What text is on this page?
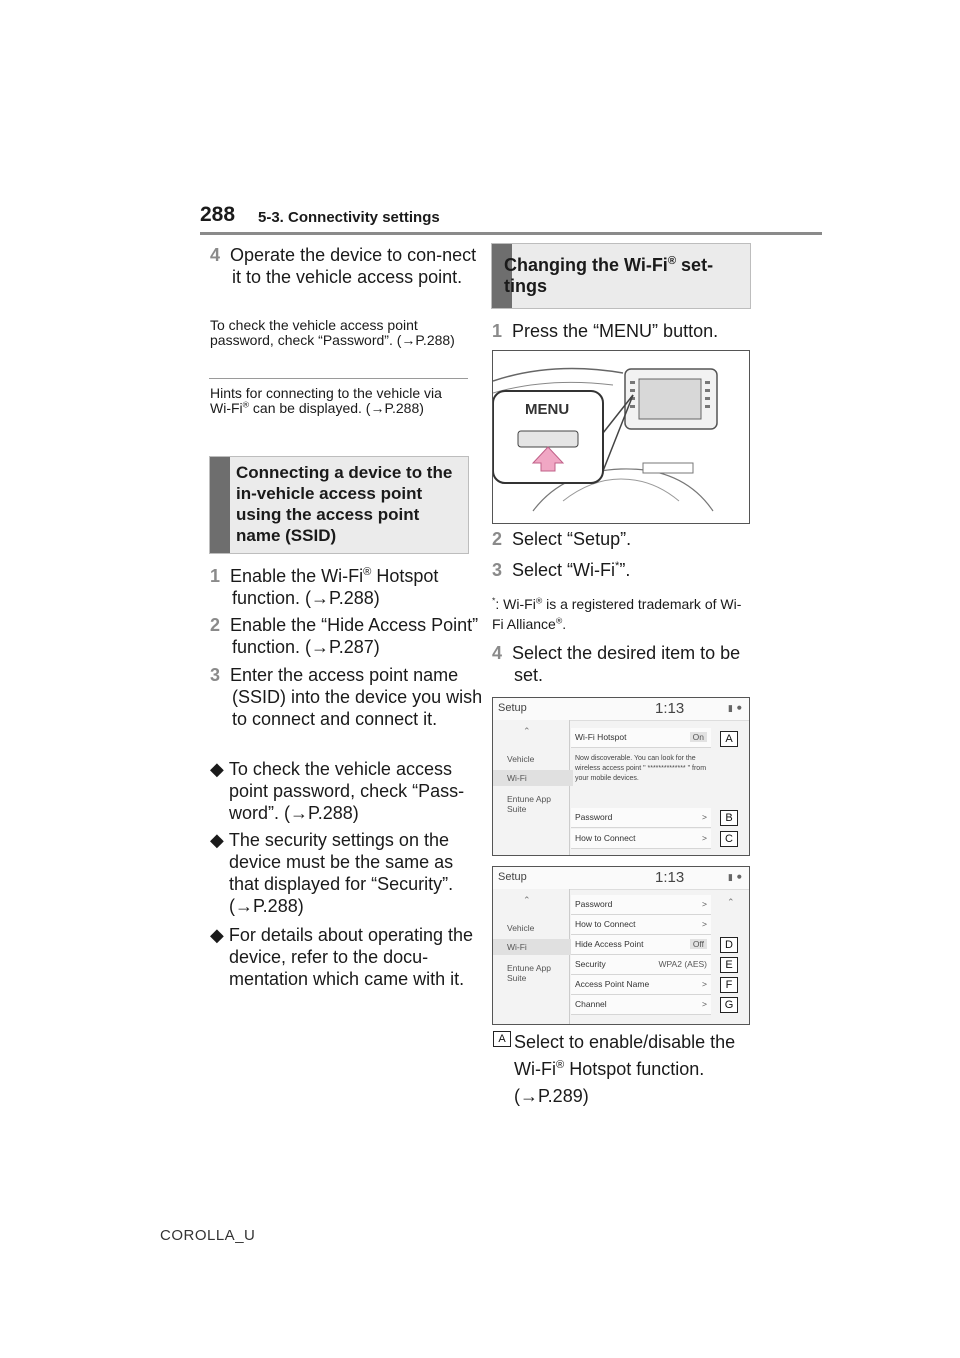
288 5-3. Connectivity settings
4 Operate the device to con-nect it to the vehicle access point.
To check the vehicle access point password, check “Password”. (→P.288)
Hints for connecting to the vehicle via Wi-Fi® can be displayed. (→P.288)
Connecting a device to the in-vehicle access point using the access point name (SSID)
1 Enable the Wi-Fi® Hotspot function. (→P.288)
2 Enable the “Hide Access Point” function. (→P.287)
3 Enter the access point name (SSID) into the device you wish to connect and connect it.
◆ To check the vehicle access point password, check “Pass-word”. (→P.288)
◆ The security settings on the device must be the same as that displayed for “Security”. (→P.288)
◆ For details about operating the device, refer to the docu-mentation which came with it.
Changing the Wi-Fi® set-tings
1 Press the “MENU” button.
MENU
2 Select “Setup”.
3 Select “Wi-Fi*”.
*: Wi-Fi® is a registered trademark of Wi-Fi Alliance®.
4 Select the desired item to be set.
Setup	1:13	▮ ⚫
⌃
Vehicle
Wi-Fi
Entune App Suite
Wi-Fi Hotspot	On
Now discoverable. You can look for the wireless access point " ************** " from your mobile devices.
Password	>
How to Connect	>
A
B
C
Setup	1:13	▮ ⚫
⌃
Vehicle
Wi-Fi
Entune App Suite
Password	>
How to Connect	>
Hide Access Point	Off
Security	WPA2 (AES)
Access Point Name	>
Channel	>
⌃
D
E
F
G
A Select to enable/disable the Wi-Fi® Hotspot function. (→P.289)
COROLLA_U
